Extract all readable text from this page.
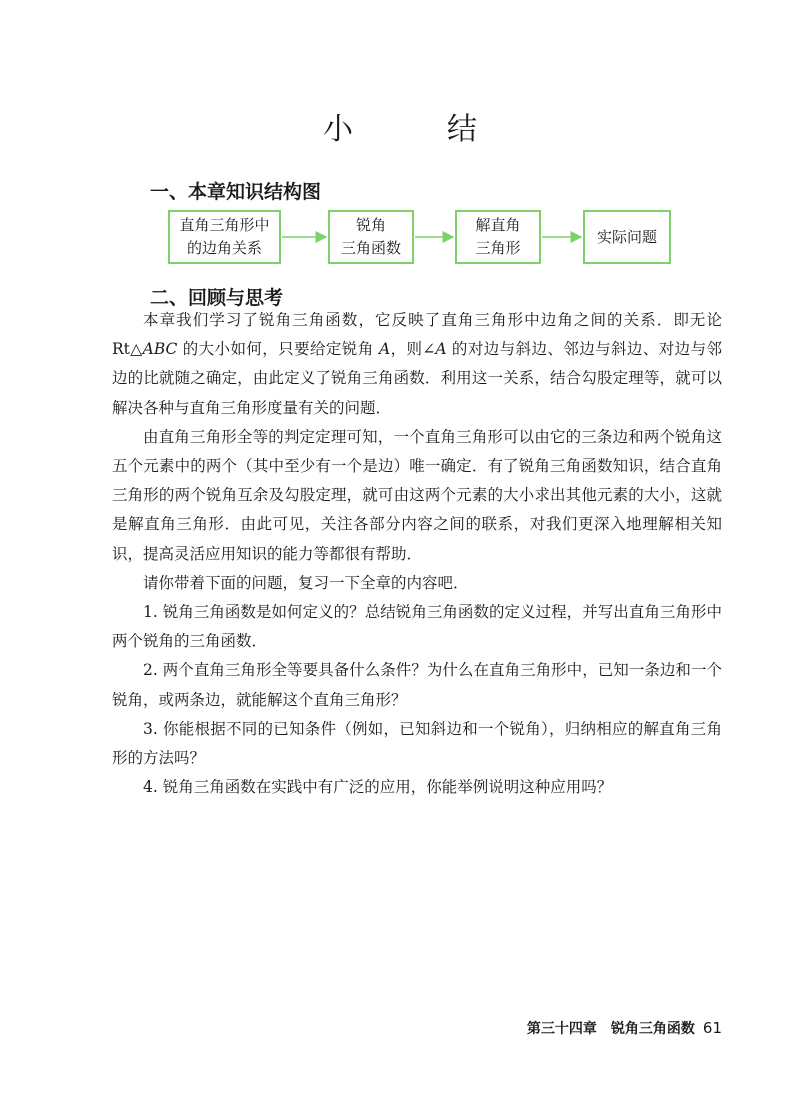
小　结
一、本章知识结构图
直角三角形中
的边角关系
锐角
三角函数
解直角
三角形
实际问题
二、回顾与思考

本章我们学习了锐角三角函数，它反映了直角三角形中边角之间的关系．即无论 Rt△ABC 的大小如何，只要给定锐角 A，则∠A 的对边与斜边、邻边与斜边、对边与邻边的比就随之确定，由此定义了锐角三角函数．利用这一关系，结合勾股定理等，就可以解决各种与直角三角形度量有关的问题．

由直角三角形全等的判定定理可知，一个直角三角形可以由它的三条边和两个锐角这五个元素中的两个（其中至少有一个是边）唯一确定．有了锐角三角函数知识，结合直角三角形的两个锐角互余及勾股定理，就可由这两个元素的大小求出其他元素的大小，这就是解直角三角形．由此可见，关注各部分内容之间的联系，对我们更深入地理解相关知识，提高灵活应用知识的能力等都很有帮助．

请你带着下面的问题，复习一下全章的内容吧．

1. 锐角三角函数是如何定义的？总结锐角三角函数的定义过程，并写出直角三角形中两个锐角的三角函数．

2. 两个直角三角形全等要具备什么条件？为什么在直角三角形中，已知一条边和一个锐角，或两条边，就能解这个直角三角形？

3. 你能根据不同的已知条件（例如，已知斜边和一个锐角），归纳相应的解直角三角形的方法吗？

4. 锐角三角函数在实践中有广泛的应用，你能举例说明这种应用吗？

第三十四章　锐角三角函数 61
